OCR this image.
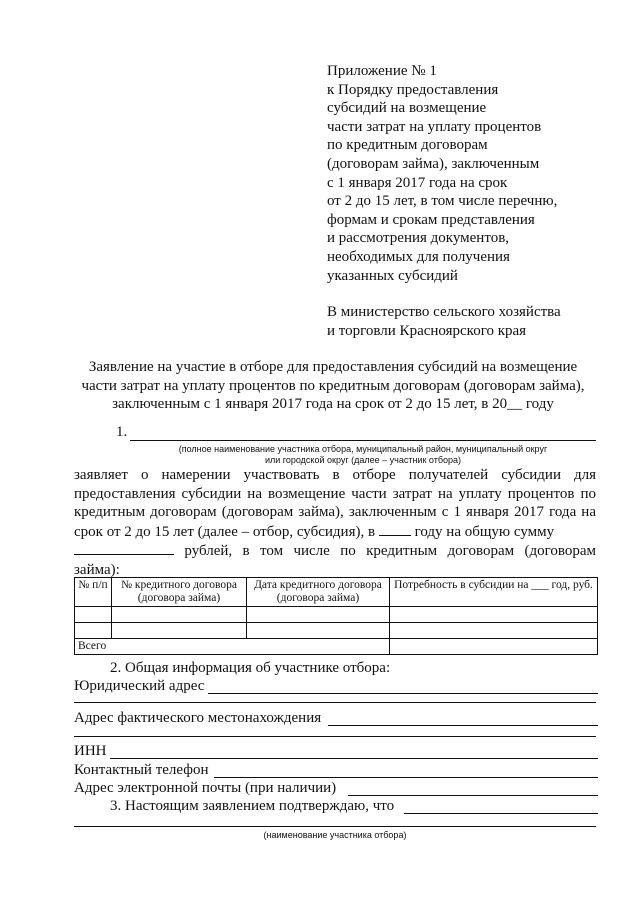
Приложение № 1
к Порядку предоставления
субсидий на возмещение
части затрат на уплату процентов
по кредитным договорам
(договорам займа), заключенным
с 1 января 2017 года на срок
от 2 до 15 лет, в том числе перечню,
формам и срокам представления
и рассмотрения документов,
необходимых для получения
указанных субсидий
В министерство сельского хозяйства
и торговли Красноярского края
Заявление на участие в отборе для предоставления субсидий на возмещение
части затрат на уплату процентов по кредитным договорам (договорам займа),
заключенным с 1 января 2017 года на срок от 2 до 15 лет, в 20__ году
1.
(полное наименование участника отбора, муниципальный район, муниципальный округ
или городской округ (далее – участник отбора)
заявляет о намерении участвовать в отборе получателей субсидии для предоставления субсидии на возмещение части затрат на уплату процентов по кредитным договорам (договорам займа), заключенным с 1 января 2017 года на срок от 2 до 15 лет (далее – отбор, субсидия), в	году на общую сумму
рублей, в том числе по кредитным договорам (договорам
займа):
№ п/п	№ кредитного договора (договора займа)	Дата кредитного договора (договора займа)	Потребность в субсидии на ___ год, руб.

Всего			
2. Общая информация об участнике отбора:
Юридический адрес
Адрес фактического местонахождения
ИНН
Контактный телефон
Адрес электронной почты (при наличии)
3. Настоящим заявлением подтверждаю, что
(наименование участника отбора)
